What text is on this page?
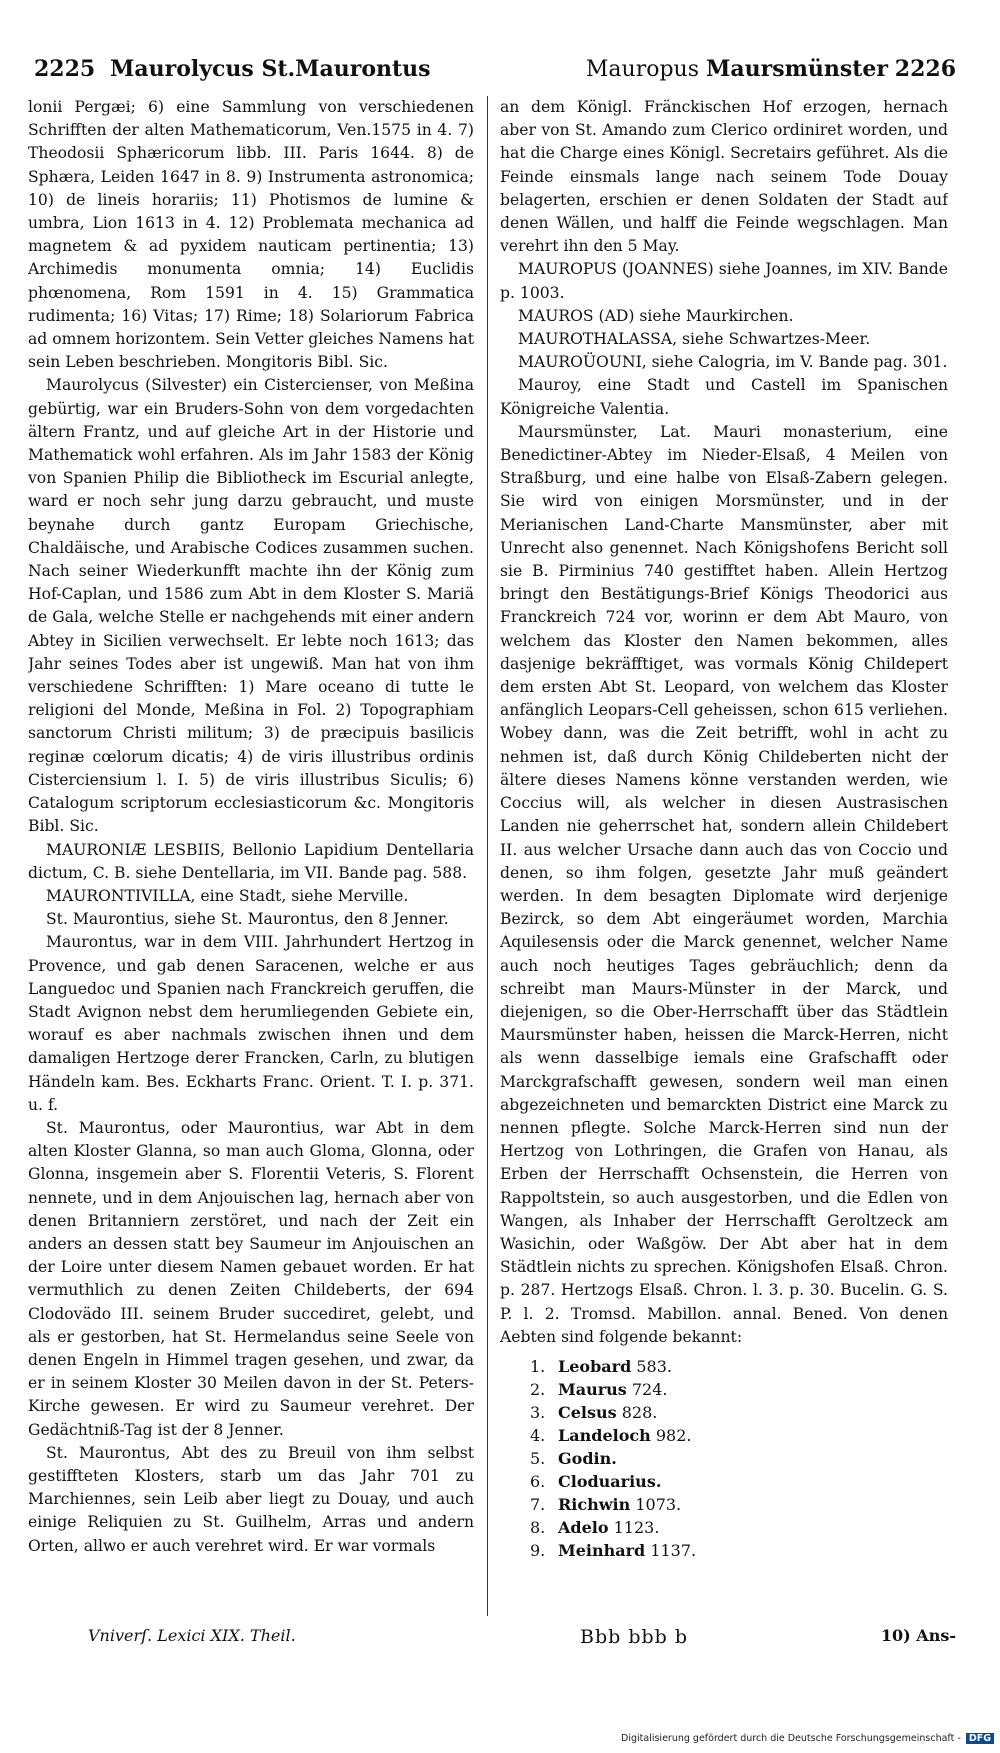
2225 Maurolycus St.Maurontus	Mauropus Maursmünster 2226

lonii Pergæi; 6) eine Sammlung von verschiedenen Schrifften der alten Mathematicorum, Ven.1575 in 4. 7) Theodosii Sphæricorum libb. III. Paris 1644. 8) de Sphæra, Leiden 1647 in 8. 9) Instrumenta astronomica; 10) de lineis horariis; 11) Photismos de lumine & umbra, Lion 1613 in 4. 12) Problemata mechanica ad magnetem & ad pyxidem nauticam pertinentia; 13) Archimedis monumenta omnia; 14) Euclidis phœnomena, Rom 1591 in 4. 15) Grammatica rudimenta; 16) Vitas; 17) Rime; 18) Solariorum Fabrica ad omnem horizontem. Sein Vetter gleiches Namens hat sein Leben beschrieben. Mongitoris Bibl. Sic.

Maurolycus (Silvester) ein Cistercienser, von Meßina gebürtig, war ein Bruders-Sohn von dem vorgedachten ältern Frantz, und auf gleiche Art in der Historie und Mathematick wohl erfahren. Als im Jahr 1583 der König von Spanien Philip die Bibliotheck im Escurial anlegte, ward er noch sehr jung darzu gebraucht, und muste beynahe durch gantz Europam Griechische, Chaldäische, und Arabische Codices zusammen suchen. Nach seiner Wiederkunfft machte ihn der König zum Hof-Caplan, und 1586 zum Abt in dem Kloster S. Mariä de Gala, welche Stelle er nachgehends mit einer andern Abtey in Sicilien verwechselt. Er lebte noch 1613; das Jahr seines Todes aber ist ungewiß. Man hat von ihm verschiedene Schrifften: 1) Mare oceano di tutte le religioni del Monde, Meßina in Fol. 2) Topographiam sanctorum Christi militum; 3) de præcipuis basilicis reginæ cœlorum dicatis; 4) de viris illustribus ordinis Cisterciensium l. I. 5) de viris illustribus Siculis; 6) Catalogum scriptorum ecclesiasticorum &c. Mongitoris Bibl. Sic.

MAURONIÆ LESBIIS, Bellonio Lapidium Dentellaria dictum, C. B. siehe Dentellaria, im VII. Bande pag. 588.

MAURONTIVILLA, eine Stadt, siehe Merville.

St. Maurontius, siehe St. Maurontus, den 8 Jenner.

Maurontus, war in dem VIII. Jahrhundert Hertzog in Provence, und gab denen Saracenen, welche er aus Languedoc und Spanien nach Franckreich geruffen, die Stadt Avignon nebst dem herumliegenden Gebiete ein, worauf es aber nachmals zwischen ihnen und dem damaligen Hertzoge derer Francken, Carln, zu blutigen Händeln kam. Bes. Eckharts Franc. Orient. T. I. p. 371. u. f.

St. Maurontus, oder Maurontius, war Abt in dem alten Kloster Glanna, so man auch Gloma, Glonna, oder Glonna, insgemein aber S. Florentii Veteris, S. Florent nennete, und in dem Anjouischen lag, hernach aber von denen Britanniern zerstöret, und nach der Zeit ein anders an dessen statt bey Saumeur im Anjouischen an der Loire unter diesem Namen gebauet worden. Er hat vermuthlich zu denen Zeiten Childeberts, der 694 Clodovädo III. seinem Bruder succediret, gelebt, und als er gestorben, hat St. Hermelandus seine Seele von denen Engeln in Himmel tragen gesehen, und zwar, da er in seinem Kloster 30 Meilen davon in der St. Peters-Kirche gewesen. Er wird zu Saumeur verehret. Der Gedächtniß-Tag ist der 8 Jenner.

St. Maurontus, Abt des zu Breuil von ihm selbst gestiffteten Klosters, starb um das Jahr 701 zu Marchiennes, sein Leib aber liegt zu Douay, und auch einige Reliquien zu St. Guilhelm, Arras und andern Orten, allwo er auch verehret wird. Er war vormals

an dem Königl. Fränckischen Hof erzogen, hernach aber von St. Amando zum Clerico ordiniret worden, und hat die Charge eines Königl. Secretairs geführet. Als die Feinde einsmals lange nach seinem Tode Douay belagerten, erschien er denen Soldaten der Stadt auf denen Wällen, und halff die Feinde wegschlagen. Man verehrt ihn den 5 May.

MAUROPUS (JOANNES) siehe Joannes, im XIV. Bande p. 1003.

MAUROS (AD) siehe Maurkirchen.

MAUROTHALASSA, siehe Schwartzes-Meer.

MAUROÜOUNI, siehe Calogria, im V. Bande pag. 301.

Mauroy, eine Stadt und Castell im Spanischen Königreiche Valentia.

Maursmünster, Lat. Mauri monasterium, eine Benedictiner-Abtey im Nieder-Elsaß, 4 Meilen von Straßburg, und eine halbe von Elsaß-Zabern gelegen. Sie wird von einigen Morsmünster, und in der Merianischen Land-Charte Mansmünster, aber mit Unrecht also genennet. Nach Königshofens Bericht soll sie B. Pirminius 740 gestifftet haben. Allein Hertzog bringt den Bestätigungs-Brief Königs Theodorici aus Franckreich 724 vor, worinn er dem Abt Mauro, von welchem das Kloster den Namen bekommen, alles dasjenige bekräfftiget, was vormals König Childepert dem ersten Abt St. Leopard, von welchem das Kloster anfänglich Leopars-Cell geheissen, schon 615 verliehen. Wobey dann, was die Zeit betrifft, wohl in acht zu nehmen ist, daß durch König Childeberten nicht der ältere dieses Namens könne verstanden werden, wie Coccius will, als welcher in diesen Austrasischen Landen nie geherrschet hat, sondern allein Childebert II. aus welcher Ursache dann auch das von Coccio und denen, so ihm folgen, gesetzte Jahr muß geändert werden. In dem besagten Diplomate wird derjenige Bezirck, so dem Abt eingeräumet worden, Marchia Aquilesensis oder die Marck genennet, welcher Name auch noch heutiges Tages gebräuchlich; denn da schreibt man Maurs-Münster in der Marck, und diejenigen, so die Ober-Herrschafft über das Städtlein Maursmünster haben, heissen die Marck-Herren, nicht als wenn dasselbige iemals eine Grafschafft oder Marckgrafschafft gewesen, sondern weil man einen abgezeichneten und bemarckten District eine Marck zu nennen pflegte. Solche Marck-Herren sind nun der Hertzog von Lothringen, die Grafen von Hanau, als Erben der Herrschafft Ochsenstein, die Herren von Rappoltstein, so auch ausgestorben, und die Edlen von Wangen, als Inhaber der Herrschafft Geroltzeck am Wasichin, oder Waßgöw. Der Abt aber hat in dem Städtlein nichts zu sprechen. Königshofen Elsaß. Chron. p. 287. Hertzogs Elsaß. Chron. l. 3. p. 30. Bucelin. G. S. P. l. 2. Tromsd. Mabillon. annal. Bened. Von denen Aebten sind folgende bekannt:

1. Leobard 583.
2. Maurus 724.
3. Celsus 828.
4. Landeloch 982.
5. Godin.
6. Cloduarius.
7. Richwin 1073.
8. Adelo 1123.
9. Meinhard 1137.
Vniverſ. Lexici XIX. Theil.	Bbb bbb b	10) Ans-
Digitalisierung gefördert durch die Deutsche Forschungsgemeinschaft - DFG
